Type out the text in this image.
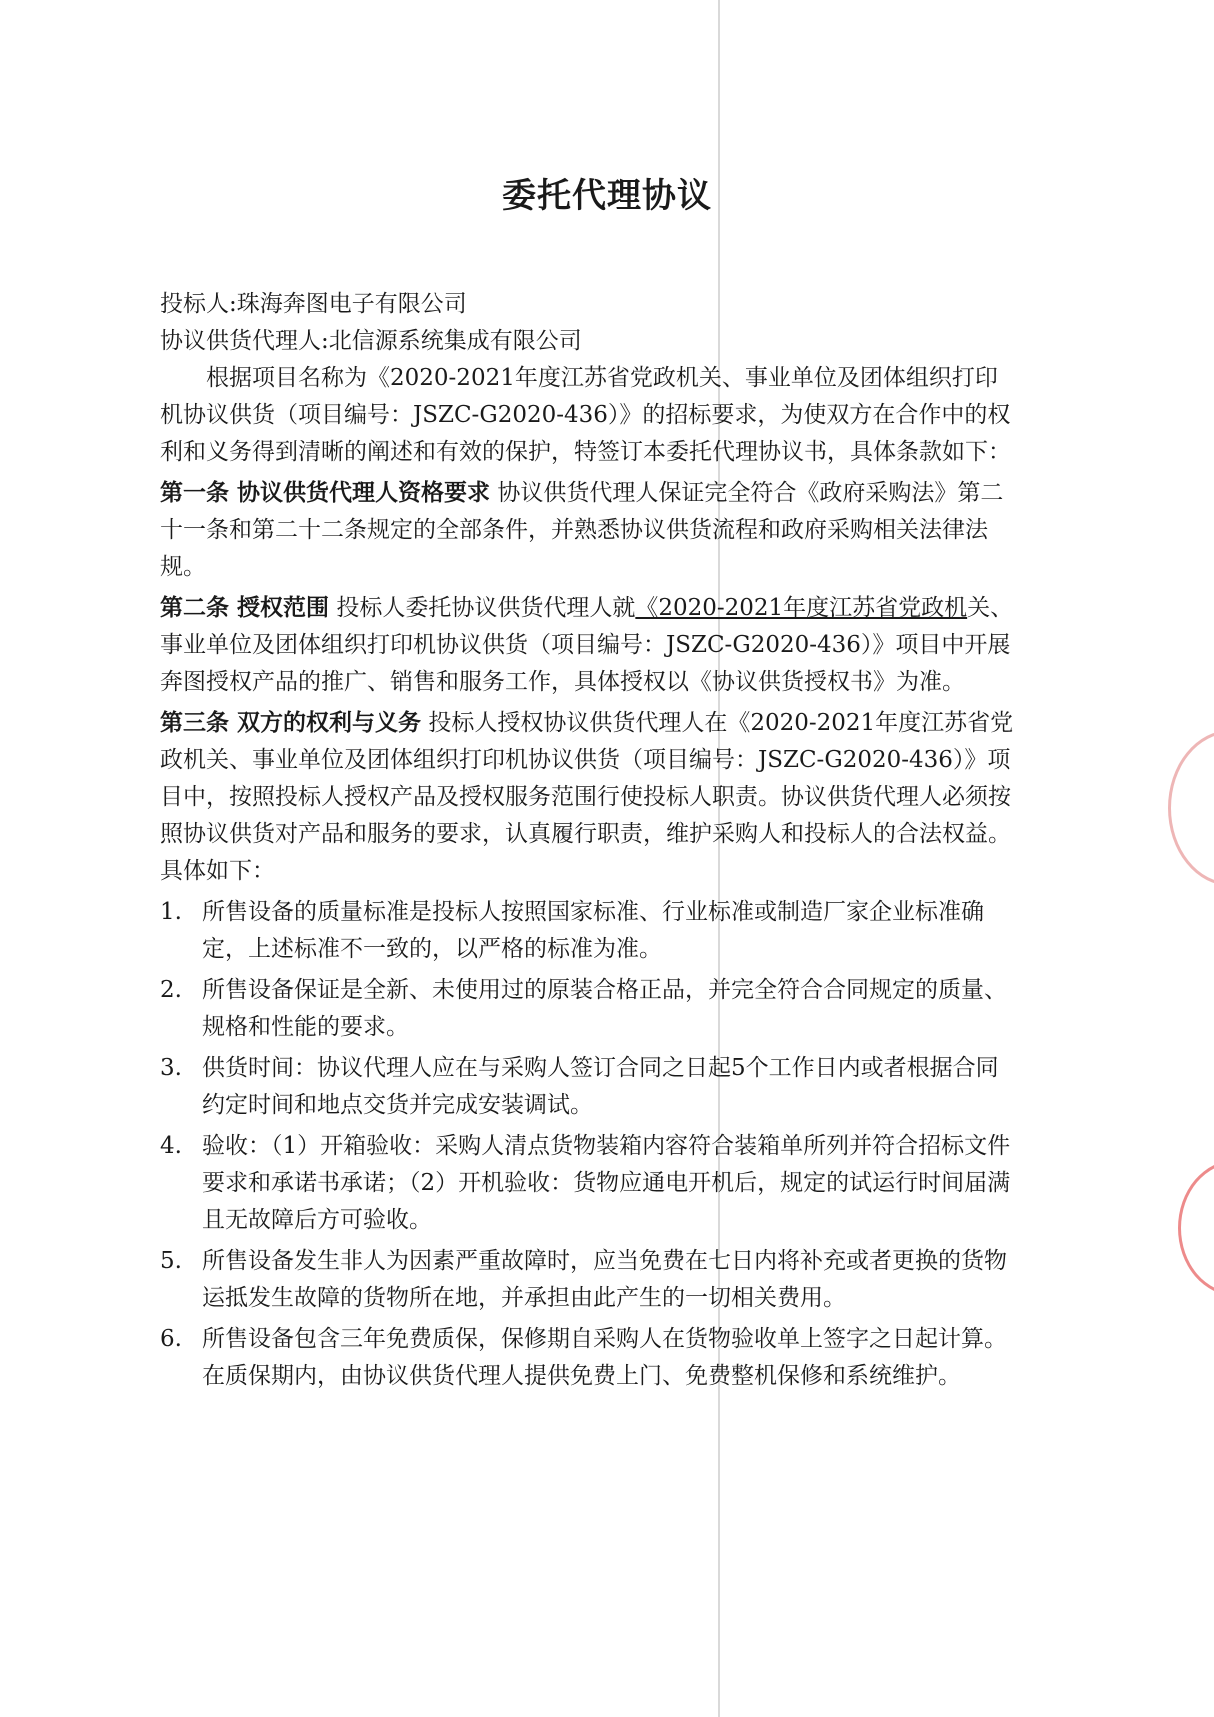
委托代理协议

投标人:珠海奔图电子有限公司

协议供货代理人:北信源系统集成有限公司

根据项目名称为《2020-2021年度江苏省党政机关、事业单位及团体组织打印机协议供货（项目编号：JSZC-G2020-436）》的招标要求，为使双方在合作中的权利和义务得到清晰的阐述和有效的保护，特签订本委托代理协议书，具体条款如下：

第一条 协议供货代理人资格要求 协议供货代理人保证完全符合《政府采购法》第二十一条和第二十二条规定的全部条件，并熟悉协议供货流程和政府采购相关法律法规。

第二条 授权范围 投标人委托协议供货代理人就《2020-2021年度江苏省党政机关、事业单位及团体组织打印机协议供货（项目编号：JSZC-G2020-436）》项目中开展奔图授权产品的推广、销售和服务工作，具体授权以《协议供货授权书》为准。

第三条 双方的权利与义务 投标人授权协议供货代理人在《2020-2021年度江苏省党政机关、事业单位及团体组织打印机协议供货（项目编号：JSZC-G2020-436）》项目中，按照投标人授权产品及授权服务范围行使投标人职责。协议供货代理人必须按照协议供货对产品和服务的要求，认真履行职责，维护采购人和投标人的合法权益。具体如下：

1. 所售设备的质量标准是投标人按照国家标准、行业标准或制造厂家企业标准确定，上述标准不一致的，以严格的标准为准。
2. 所售设备保证是全新、未使用过的原装合格正品，并完全符合合同规定的质量、规格和性能的要求。
3. 供货时间：协议代理人应在与采购人签订合同之日起5个工作日内或者根据合同约定时间和地点交货并完成安装调试。
4. 验收：（1）开箱验收：采购人清点货物装箱内容符合装箱单所列并符合招标文件要求和承诺书承诺；（2）开机验收：货物应通电开机后，规定的试运行时间届满且无故障后方可验收。
5. 所售设备发生非人为因素严重故障时，应当免费在七日内将补充或者更换的货物运抵发生故障的货物所在地，并承担由此产生的一切相关费用。
6. 所售设备包含三年免费质保，保修期自采购人在货物验收单上签字之日起计算。在质保期内，由协议供货代理人提供免费上门、免费整机保修和系统维护。
